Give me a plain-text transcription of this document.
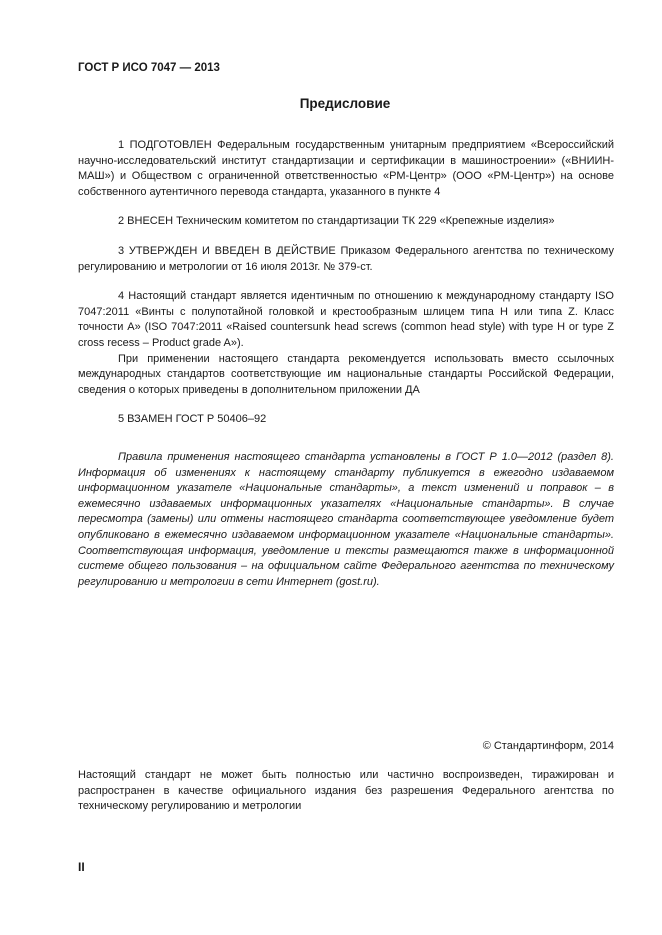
ГОСТ Р ИСО 7047 — 2013
Предисловие

1 ПОДГОТОВЛЕН Федеральным государственным унитарным предприятием «Всероссийский научно-исследовательский институт стандартизации и сертификации в машиностроении» («ВНИИН-МАШ») и Обществом с ограниченной ответственностью «РМ-Центр» (ООО «РМ-Центр») на основе собственного аутентичного перевода стандарта, указанного в пункте 4

2 ВНЕСЕН Техническим комитетом по стандартизации ТК 229 «Крепежные изделия»

3 УТВЕРЖДЕН И ВВЕДЕН В ДЕЙСТВИЕ Приказом Федерального агентства по техническому регулированию и метрологии от 16 июля 2013г. № 379-ст.

4 Настоящий стандарт является идентичным по отношению к международному стандарту ISO 7047:2011 «Винты с полупотайной головкой и крестообразным шлицем типа H или типа Z. Класс точности A» (ISO 7047:2011 «Raised countersunk head screws (common head style) with type H or type Z cross recess – Product grade A»).

При применении настоящего стандарта рекомендуется использовать вместо ссылочных международных стандартов соответствующие им национальные стандарты Российской Федерации, сведения о которых приведены в дополнительном приложении ДА

5 ВЗАМЕН ГОСТ Р 50406–92

Правила применения настоящего стандарта установлены в ГОСТ Р 1.0—2012 (раздел 8). Информация об изменениях к настоящему стандарту публикуется в ежегодно издаваемом информационном указателе «Национальные стандарты», а текст изменений и поправок – в ежемесячно издаваемых информационных указателях «Национальные стандарты». В случае пересмотра (замены) или отмены настоящего стандарта соответствующее уведомление будет опубликовано в ежемесячно издаваемом информационном указателе «Национальные стандарты». Соответствующая информация, уведомление и тексты размещаются также в информационной системе общего пользования – на официальном сайте Федерального агентства по техническому регулированию и метрологии в сети Интернет (gost.ru).

© Стандартинформ, 2014

Настоящий стандарт не может быть полностью или частично воспроизведен, тиражирован и распространен в качестве официального издания без разрешения Федерального агентства по техническому регулированию и метрологии

II
